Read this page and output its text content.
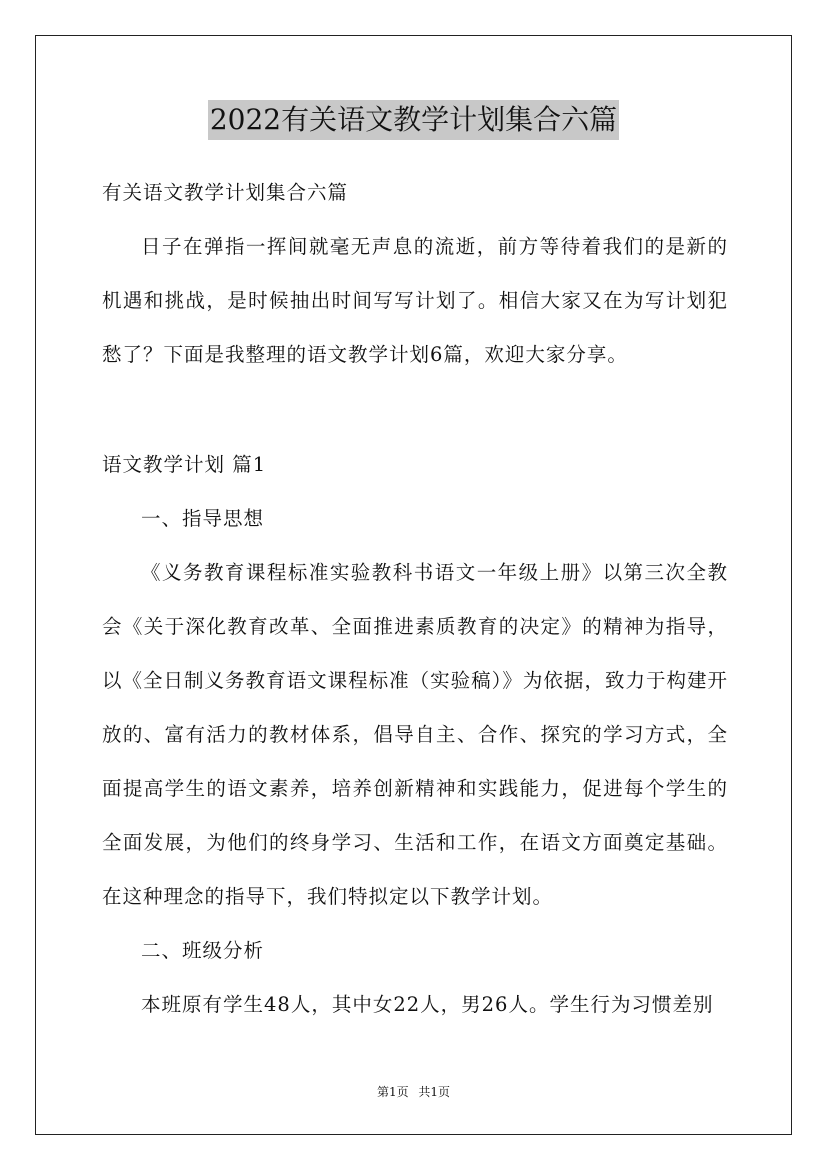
2022有关语文教学计划集合六篇

有关语文教学计划集合六篇

日子在弹指一挥间就毫无声息的流逝，前方等待着我们的是新的机遇和挑战，是时候抽出时间写写计划了。相信大家又在为写计划犯愁了？下面是我整理的语文教学计划6篇，欢迎大家分享。

语文教学计划 篇1

一、指导思想

《义务教育课程标准实验教科书语文一年级上册》以第三次全教会《关于深化教育改革、全面推进素质教育的决定》的精神为指导，以《全日制义务教育语文课程标准（实验稿）》为依据，致力于构建开放的、富有活力的教材体系，倡导自主、合作、探究的学习方式，全面提高学生的语文素养，培养创新精神和实践能力，促进每个学生的全面发展，为他们的终身学习、生活和工作，在语文方面奠定基础。在这种理念的指导下，我们特拟定以下教学计划。

二、班级分析

本班原有学生48人，其中女22人，男26人。学生行为习惯差别

第1页 共1页
